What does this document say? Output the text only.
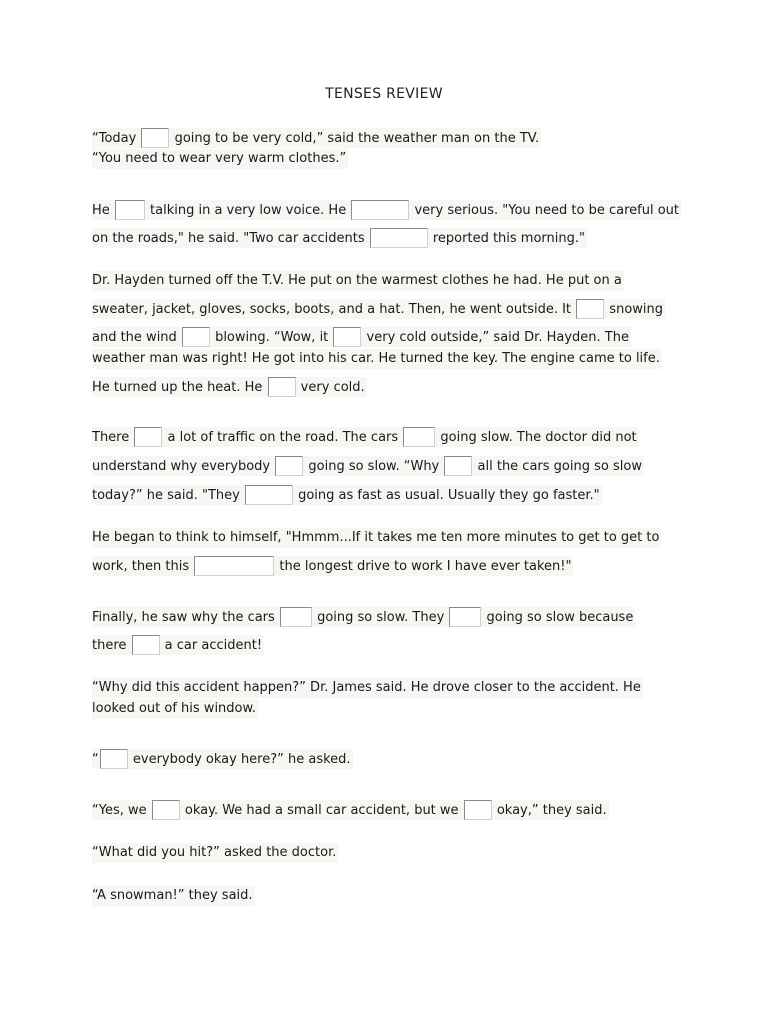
TENSES REVIEW
“Today  going to be very cold,” said the weather man on the TV.
“You need to wear very warm clothes.”
He  talking in a very low voice. He	very serious. "You need to be careful out
on the roads," he said. "Two car accidents	reported this morning."
Dr. Hayden turned off the T.V. He put on the warmest clothes he had. He put on a
sweater, jacket, gloves, socks, boots, and a hat. Then, he went outside. It  snowing
and the wind  blowing. “Wow, it  very cold outside,” said Dr. Hayden. The
weather man was right! He got into his car. He turned the key. The engine came to life.
He turned up the heat. He  very cold.
There  a lot of traffic on the road. The cars	going slow. The doctor did not
understand why everybody  going so slow. “Why  all the cars going so slow
today?” he said. "They	going as fast as usual. Usually they go faster."
He began to think to himself, "Hmmm...If it takes me ten more minutes to get to get to
work, then this	the longest drive to work I have ever taken!"
Finally, he saw why the cars	going so slow. They	going so slow because
there  a car accident!
“Why did this accident happen?” Dr. James said. He drove closer to the accident. He
looked out of his window.
“ everybody okay here?” he asked.
“Yes, we  okay. We had a small car accident, but we  okay,” they said.
“What did you hit?” asked the doctor.
“A snowman!” they said.
